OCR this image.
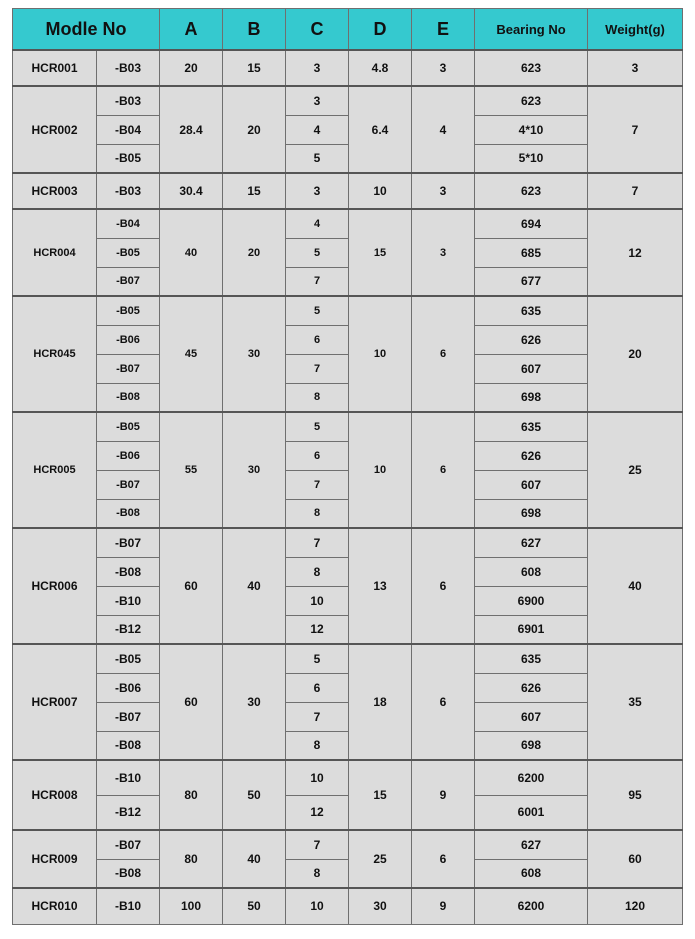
Modle No		A	B	C	D	E	Bearing No	Weight(g)
HCR001	-B03	20	15	3	4.8	3	623	3
HCR002	-B03	28.4	20	3	6.4	4	623	7
	-B04			4			4*10	
	-B05			5			5*10	
HCR003	-B03	30.4	15	3	10	3	623	7
HCR004	-B04	40	20	4	15	3	694	12
	-B05			5			685	
	-B07			7			677	
HCR045	-B05	45	30	5	10	6	635	20
	-B06			6			626	
	-B07			7			607	
	-B08			8			698	
HCR005	-B05	55	30	5	10	6	635	25
	-B06			6			626	
	-B07			7			607	
	-B08			8			698	
HCR006	-B07	60	40	7	13	6	627	40
	-B08			8			608	
	-B10			10			6900	
	-B12			12			6901	
HCR007	-B05	60	30	5	18	6	635	35
	-B06			6			626	
	-B07			7			607	
	-B08			8			698	
HCR008	-B10	80	50	10	15	9	6200	95
	-B12			12			6001	
HCR009	-B07	80	40	7	25	6	627	60
	-B08			8			608	
HCR010	-B10	100	50	10	30	9	6200	120
